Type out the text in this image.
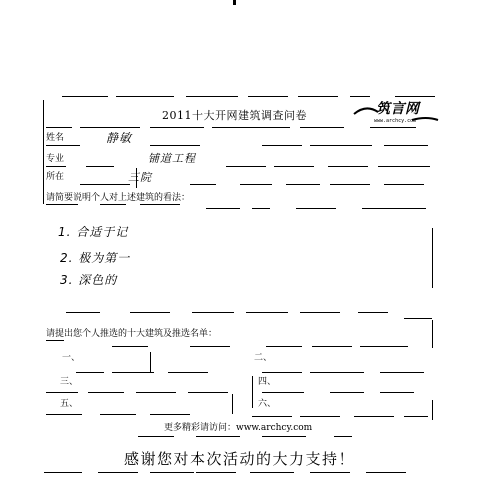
2011十大开网建筑调查问卷	筑言网
www.archcy.com
姓名	静敏
专业	铺道工程
所在	三院
请简要说明个人对上述建筑的看法：
1. 合适于记
2. 极为第一
3. 深色的
请提出您个人推选的十大建筑及推选名单：
一、	二、
三、	四、
五、	六、
更多精彩请访问：www.archcy.com
感谢您对本次活动的大力支持！
